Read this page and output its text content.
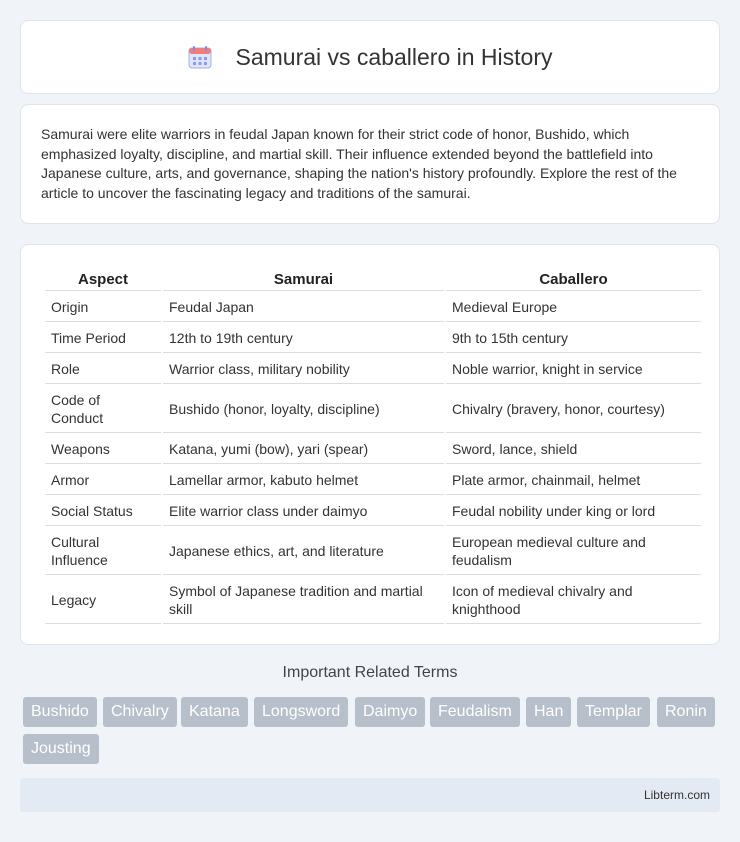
Samurai vs caballero in History

Samurai were elite warriors in feudal Japan known for their strict code of honor, Bushido, which emphasized loyalty, discipline, and martial skill. Their influence extended beyond the battlefield into Japanese culture, arts, and governance, shaping the nation's history profoundly. Explore the rest of the article to uncover the fascinating legacy and traditions of the samurai.

Aspect	Samurai	Caballero
Origin	Feudal Japan	Medieval Europe
Time Period	12th to 19th century	9th to 15th century
Role	Warrior class, military nobility	Noble warrior, knight in service
Code of Conduct	Bushido (honor, loyalty, discipline)	Chivalry (bravery, honor, courtesy)
Weapons	Katana, yumi (bow), yari (spear)	Sword, lance, shield
Armor	Lamellar armor, kabuto helmet	Plate armor, chainmail, helmet
Social Status	Elite warrior class under daimyo	Feudal nobility under king or lord
Cultural Influence	Japanese ethics, art, and literature	European medieval culture and feudalism
Legacy	Symbol of Japanese tradition and martial skill	Icon of medieval chivalry and knighthood
Important Related Terms
Bushido	Chivalry	Katana	Longsword	Daimyo	Feudalism	Han	Templar	Ronin
Jousting
Libterm.com
